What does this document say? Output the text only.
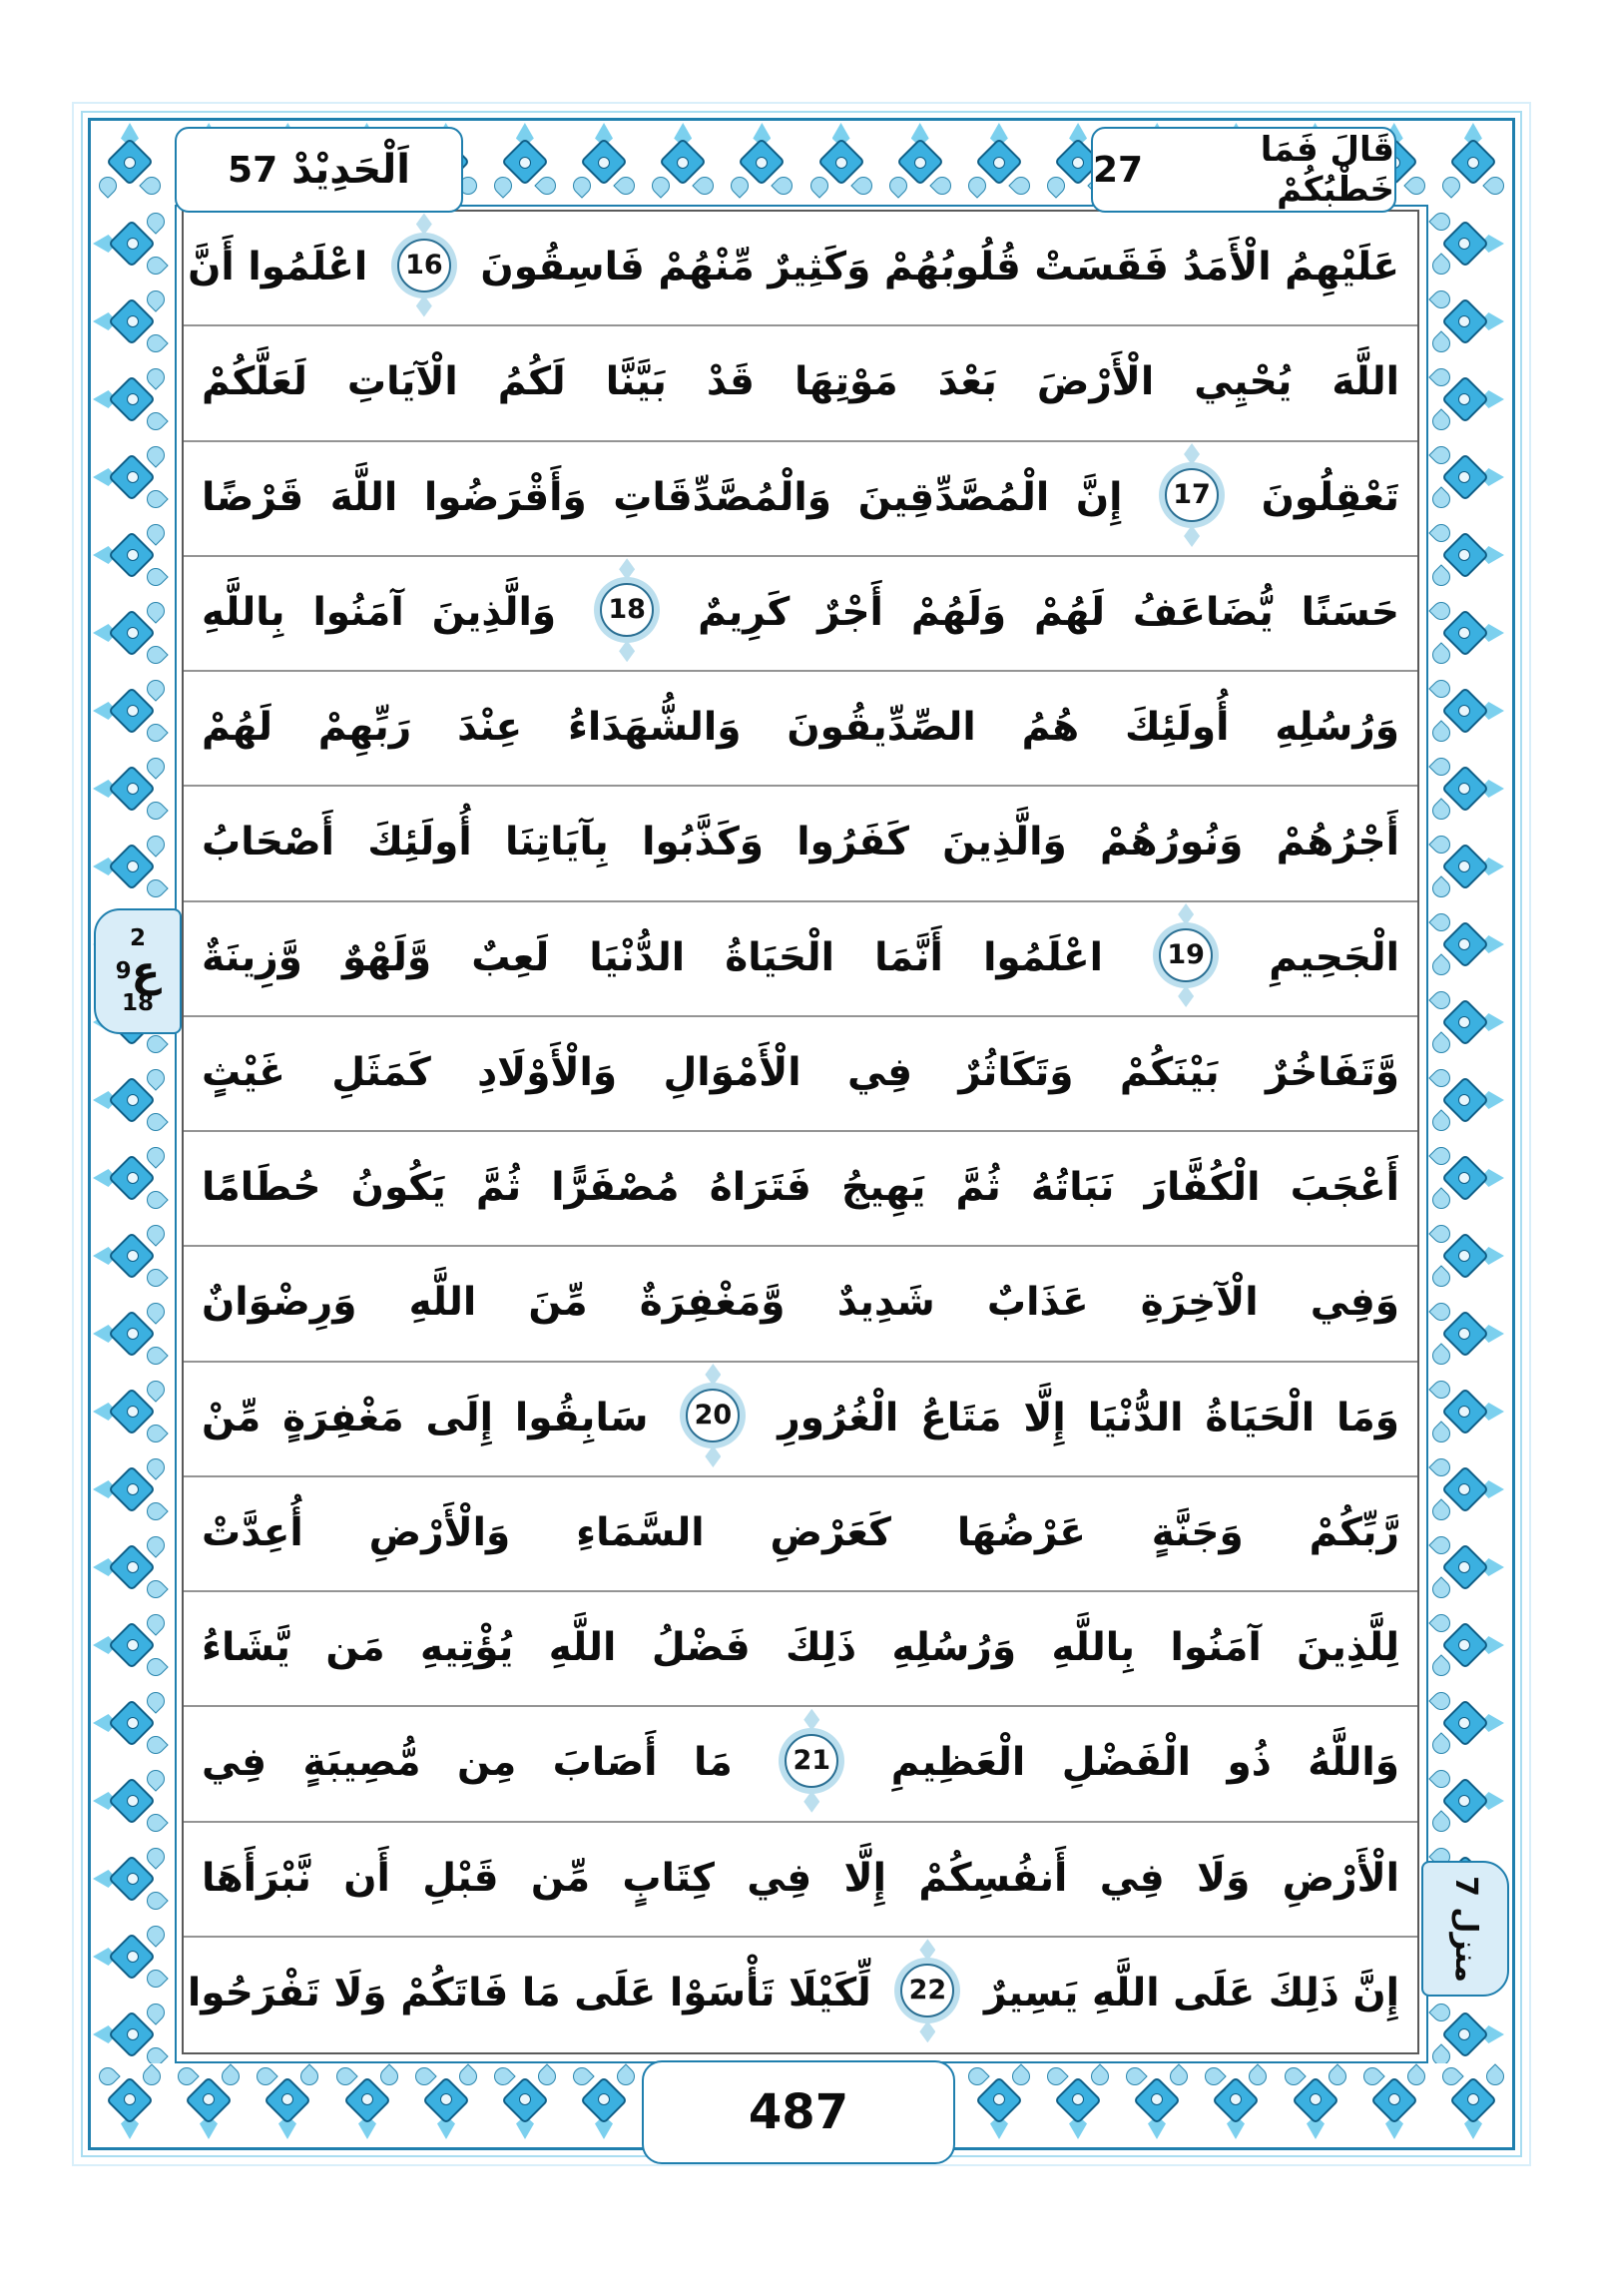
اَلْحَدِيْدْ
57	قَالَ فَمَا خَطْبُكُمْ
27
2
ع
9
18
منزل 7
عَلَيْهِمُ الْأَمَدُ فَقَسَتْ قُلُوبُهُمْ وَكَثِيرٌ مِّنْهُمْ فَاسِقُونَ 16 اعْلَمُوا أَنَّ
اللَّهَ يُحْيِي الْأَرْضَ بَعْدَ مَوْتِهَا قَدْ بَيَّنَّا لَكُمُ الْآيَاتِ لَعَلَّكُمْ
تَعْقِلُونَ 17 إِنَّ الْمُصَّدِّقِينَ وَالْمُصَّدِّقَاتِ وَأَقْرَضُوا اللَّهَ قَرْضًا
حَسَنًا يُّضَاعَفُ لَهُمْ وَلَهُمْ أَجْرٌ كَرِيمٌ 18 وَالَّذِينَ آمَنُوا بِاللَّهِ
وَرُسُلِهِ أُولَئِكَ هُمُ الصِّدِّيقُونَ وَالشُّهَدَاءُ عِنْدَ رَبِّهِمْ لَهُمْ
أَجْرُهُمْ وَنُورُهُمْ وَالَّذِينَ كَفَرُوا وَكَذَّبُوا بِآيَاتِنَا أُولَئِكَ أَصْحَابُ
الْجَحِيمِ 19 اعْلَمُوا أَنَّمَا الْحَيَاةُ الدُّنْيَا لَعِبٌ وَّلَهْوٌ وَّزِينَةٌ
وَّتَفَاخُرٌ بَيْنَكُمْ وَتَكَاثُرٌ فِي الْأَمْوَالِ وَالْأَوْلَادِ كَمَثَلِ غَيْثٍ
أَعْجَبَ الْكُفَّارَ نَبَاتُهُ ثُمَّ يَهِيجُ فَتَرَاهُ مُصْفَرًّا ثُمَّ يَكُونُ حُطَامًا
وَفِي الْآخِرَةِ عَذَابٌ شَدِيدٌ وَّمَغْفِرَةٌ مِّنَ اللَّهِ وَرِضْوَانٌ
وَمَا الْحَيَاةُ الدُّنْيَا إِلَّا مَتَاعُ الْغُرُورِ 20 سَابِقُوا إِلَى مَغْفِرَةٍ مِّنْ
رَّبِّكُمْ وَجَنَّةٍ عَرْضُهَا كَعَرْضِ السَّمَاءِ وَالْأَرْضِ أُعِدَّتْ
لِلَّذِينَ آمَنُوا بِاللَّهِ وَرُسُلِهِ ذَلِكَ فَضْلُ اللَّهِ يُؤْتِيهِ مَن يَّشَاءُ
وَاللَّهُ ذُو الْفَضْلِ الْعَظِيمِ 21 مَا أَصَابَ مِن مُّصِيبَةٍ فِي
الْأَرْضِ وَلَا فِي أَنفُسِكُمْ إِلَّا فِي كِتَابٍ مِّن قَبْلِ أَن نَّبْرَأَهَا
إِنَّ ذَلِكَ عَلَى اللَّهِ يَسِيرٌ 22 لِّكَيْلَا تَأْسَوْا عَلَى مَا فَاتَكُمْ وَلَا تَفْرَحُوا
487
